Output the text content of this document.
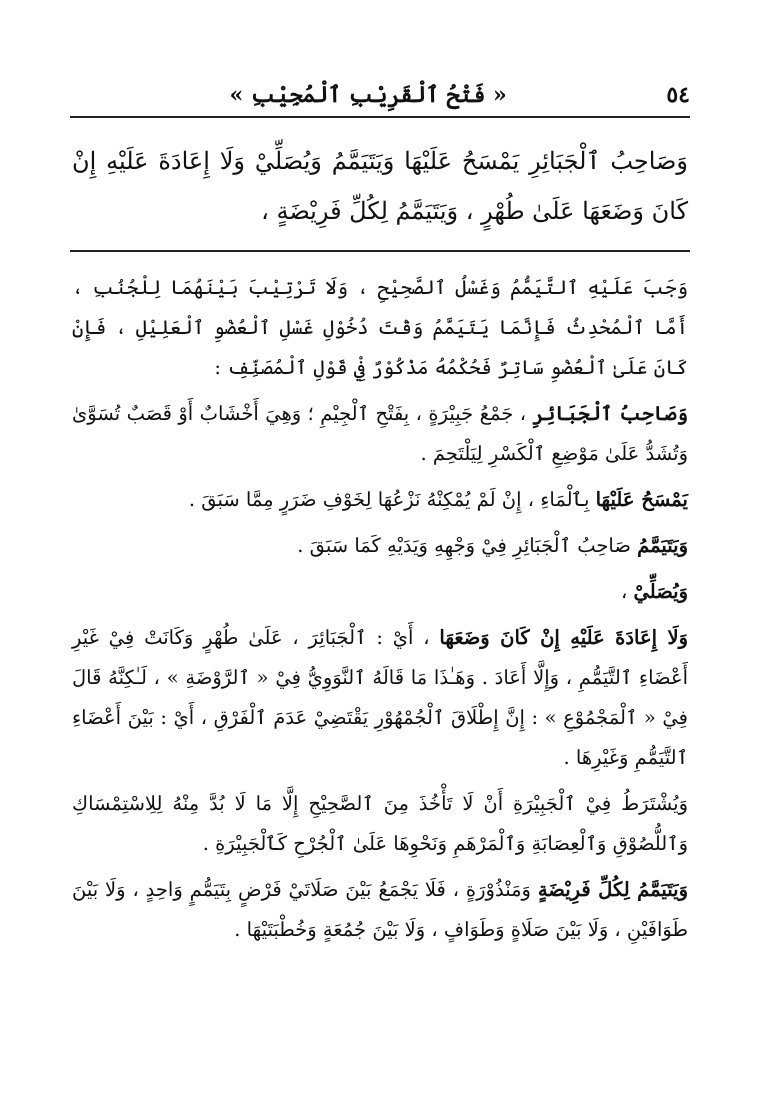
٥٤
« فَتْحُ ٱلْقَرِيْبِ ٱلْمُجِيْبِ »

وَصَاحِبُ ٱلْجَبَائِرِ يَمْسَحُ عَلَيْهَا وَيَتَيَمَّمُ وَيُصَلِّيْ وَلَا إِعَادَةَ عَلَيْهِ إِنْ كَانَ وَضَعَهَا عَلَىٰ طُهْرٍ ، وَيَتَيَمَّمُ لِكُلِّ فَرِيْضَةٍ ،

وَجَبَ عَلَيْهِ ٱلتَّيَمُّمُ وَغَسْلُ ٱلصَّحِيْحِ ، وَلَا تَرْتِيْبَ بَيْنَهُمَا لِلْجُنُبِ ، أَمَّا ٱلْمُحْدِثُ فَإِنَّمَا يَتَيَمَّمُ وَقْتَ دُخُوْلِ غَسْلِ ٱلْعُضْوِ ٱلْعَلِيْلِ ، فَإِنْ كَانَ عَلَىٰ ٱلْعُضْوِ سَاتِرٌ فَحُكْمُهُ مَذْكُوْرٌ فِيْ قَوْلِ ٱلْمُصَنِّفِ :

وَصَاحِبُ ٱلْجَبَائِرِ ، جَمْعُ جَبِيْرَةٍ ، بِفَتْحِ ٱلْجِيْمِ ؛ وَهِيَ أَخْشَابٌ أَوْ قَصَبٌ تُسَوَّىٰ وَتُشَدُّ عَلَىٰ مَوْضِعِ ٱلْكَسْرِ لِيَلْتَحِمَ .

يَمْسَحُ عَلَيْهَا بِٱلْمَاءِ ، إِنْ لَمْ يُمْكِنْهُ نَزْعُهَا لِخَوْفِ ضَرَرٍ مِمَّا سَبَقَ .

وَيَتَيَمَّمُ صَاحِبُ ٱلْجَبَائِرِ فِيْ وَجْهِهِ وَيَدَيْهِ كَمَا سَبَقَ .

وَيُصَلِّيْ ،

وَلَا إِعَادَةَ عَلَيْهِ إِنْ كَانَ وَضَعَهَا ، أَيْ : ٱلْجَبَائِرَ ، عَلَىٰ طُهْرٍ وَكَانَتْ فِيْ غَيْرِ أَعْضَاءِ ٱلتَّيَمُّمِ ، وَإِلَّا أَعَادَ . وَهَـٰذَا مَا قَالَهُ ٱلنَّوَوِيُّ فِيْ « ٱلرَّوْضَةِ » ، لَـٰكِنَّهُ قَالَ فِيْ « ٱلْمَجْمُوْعِ » : إِنَّ إِطْلَاقَ ٱلْجُمْهُوْرِ يَقْتَضِيْ عَدَمَ ٱلْفَرْقِ ، أَيْ : بَيْنَ أَعْضَاءِ ٱلتَّيَمُّمِ وَغَيْرِهَا .

وَيُشْتَرَطُ فِيْ ٱلْجَبِيْرَةِ أَنْ لَا تَأْخُذَ مِنَ ٱلصَّحِيْحِ إِلَّا مَا لَا بُدَّ مِنْهُ لِلِاسْتِمْسَاكِ وَٱللُّصُوْقِ وَٱلْعِصَابَةِ وَٱلْمَرْهَمِ وَنَحْوِهَا عَلَىٰ ٱلْجُرْحِ كَٱلْجَبِيْرَةِ .

وَيَتَيَمَّمُ لِكُلِّ فَرِيْضَةٍ وَمَنْذُوْرَةٍ ، فَلَا يَجْمَعُ بَيْنَ صَلَاتَيْ فَرْضٍ بِتَيَمُّمٍ وَاحِدٍ ، وَلَا بَيْنَ طَوَافَيْنِ ، وَلَا بَيْنَ صَلَاةٍ وَطَوَافٍ ، وَلَا بَيْنَ جُمُعَةٍ وَخُطْبَتَيْهَا .
